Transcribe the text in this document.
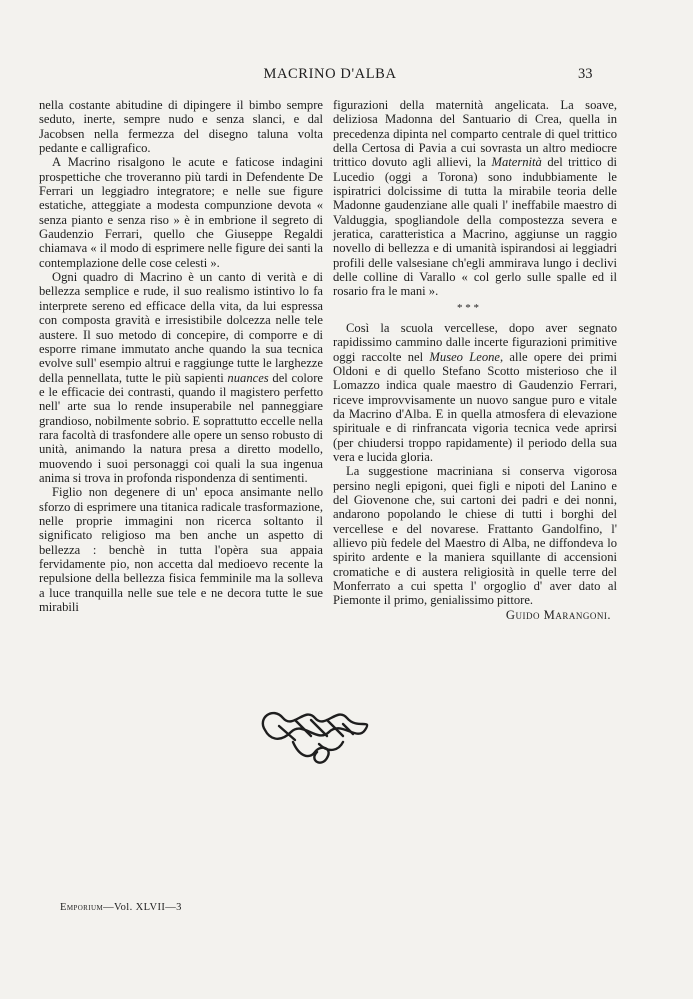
MACRINO D'ALBA	33

nella costante abitudine di dipingere il bimbo sempre seduto, inerte, sempre nudo e senza slanci, e dal Jacobsen nella fermezza del disegno taluna volta pedante e calligrafico.

A Macrino risalgono le acute e faticose indagini prospettiche che troveranno più tardi in Defendente De Ferrari un leggiadro integratore; e nelle sue figure estatiche, atteggiate a modesta compunzione devota « senza pianto e senza riso » è in embrione il segreto di Gaudenzio Ferrari, quello che Giuseppe Regaldi chiamava « il modo di esprimere nelle figure dei santi la contemplazione delle cose celesti ».

Ogni quadro di Macrino è un canto di verità e di bellezza semplice e rude, il suo realismo istintivo lo fa interprete sereno ed efficace della vita, da lui espressa con composta gravità e irresistibile dolcezza nelle tele austere. Il suo metodo di concepire, di comporre e di esporre rimane immutato anche quando la sua tecnica evolve sull' esempio altrui e raggiunge tutte le larghezze della pennellata, tutte le più sapienti nuances del colore e le efficacie dei contrasti, quando il magistero perfetto nell' arte sua lo rende insuperabile nel panneggiare grandioso, nobilmente sobrio. E soprattutto eccelle nella rara facoltà di trasfondere alle opere un senso robusto di unità, animando la natura presa a diretto modello, muovendo i suoi personaggi coi quali la sua ingenua anima si trova in profonda rispondenza di sentimenti.

Figlio non degenere di un' epoca ansimante nello sforzo di esprimere una titanica radicale trasformazione, nelle proprie immagini non ricerca soltanto il significato religioso ma ben anche un aspetto di bellezza : benchè in tutta l'opèra sua appaia fervidamente pio, non accetta dal medioevo recente la repulsione della bellezza fisica femminile ma la solleva a luce tranquilla nelle sue tele e ne decora tutte le sue mirabili

figurazioni della maternità angelicata. La soave, deliziosa Madonna del Santuario di Crea, quella in precedenza dipinta nel comparto centrale di quel trittico della Certosa di Pavia a cui sovrasta un altro mediocre trittico dovuto agli allievi, la Maternità del trittico di Lucedio (oggi a Torona) sono indubbiamente le ispiratrici dolcissime di tutta la mirabile teoria delle Madonne gaudenziane alle quali l' ineffabile maestro di Valduggia, spogliandole della compostezza severa e jeratica, caratteristica a Macrino, aggiunse un raggio novello di bellezza e di umanità ispirandosi ai leggiadri profili delle valsesiane ch'egli ammirava lungo i declivi delle colline di Varallo « col gerlo sulle spalle ed il rosario fra le mani ».

* * *

Così la scuola vercellese, dopo aver segnato rapidissimo cammino dalle incerte figurazioni primitive oggi raccolte nel Museo Leone, alle opere dei primi Oldoni e di quello Stefano Scotto misterioso che il Lomazzo indica quale maestro di Gaudenzio Ferrari, riceve improvvisamente un nuovo sangue puro e vitale da Macrino d'Alba. E in quella atmosfera di elevazione spirituale e di rinfrancata vigoria tecnica vede aprirsi (per chiudersi troppo rapidamente) il periodo della sua vera e lucida gloria.

La suggestione macriniana si conserva vigorosa persino negli epigoni, quei figli e nipoti del Lanino e del Giovenone che, sui cartoni dei padri e dei nonni, andarono popolando le chiese di tutti i borghi del vercellese e del novarese. Frattanto Gandolfino, l' allievo più fedele del Maestro di Alba, ne diffondeva lo spirito ardente e la maniera squillante di accensioni cromatiche e di austera religiosità in quelle terre del Monferrato a cui spetta l' orgoglio d' aver dato al Piemonte il primo, genialissimo pittore.

Guido Marangoni.
Emporium—Vol. XLVII—3
